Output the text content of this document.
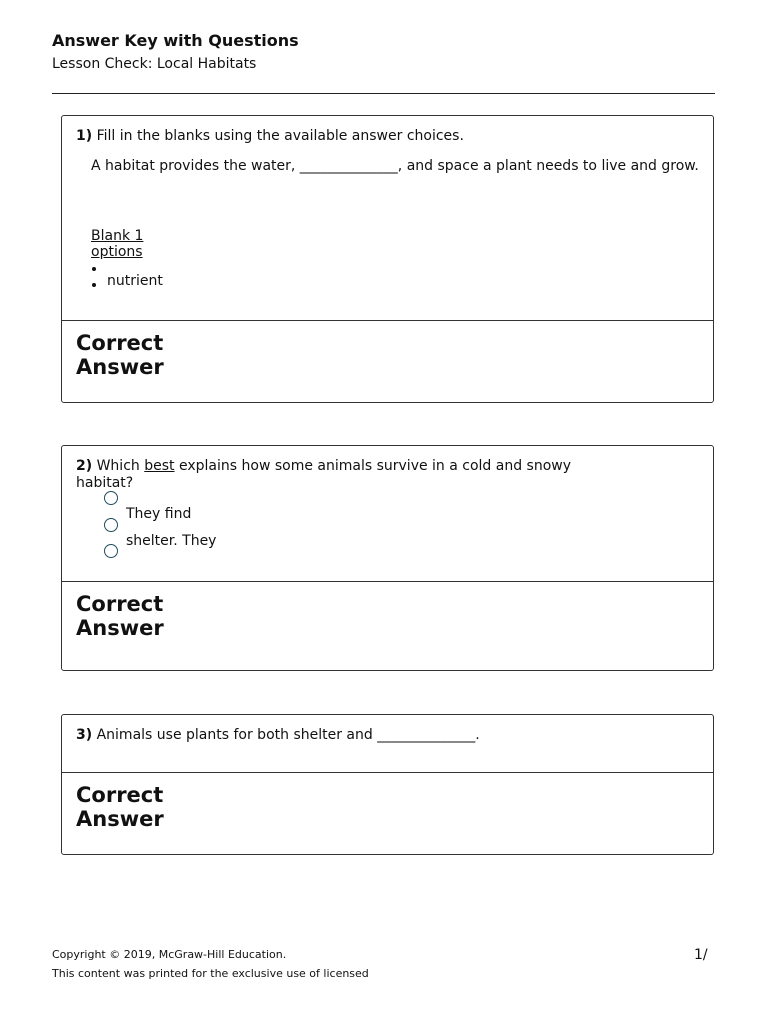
Answer Key with Questions
Lesson Check: Local Habitats
1) Fill in the blanks using the available answer choices.
A habitat provides the water, ______________, and space a plant needs to live and grow.
Blank 1 options
nutrient
Correct Answer
2) Which best explains how some animals survive in a cold and snowy habitat?
They find
shelter. They
Correct Answer
3) Animals use plants for both shelter and ______________.
Correct Answer
Copyright © 2019, McGraw-Hill Education.
This content was printed for the exclusive use of licensed
1/
